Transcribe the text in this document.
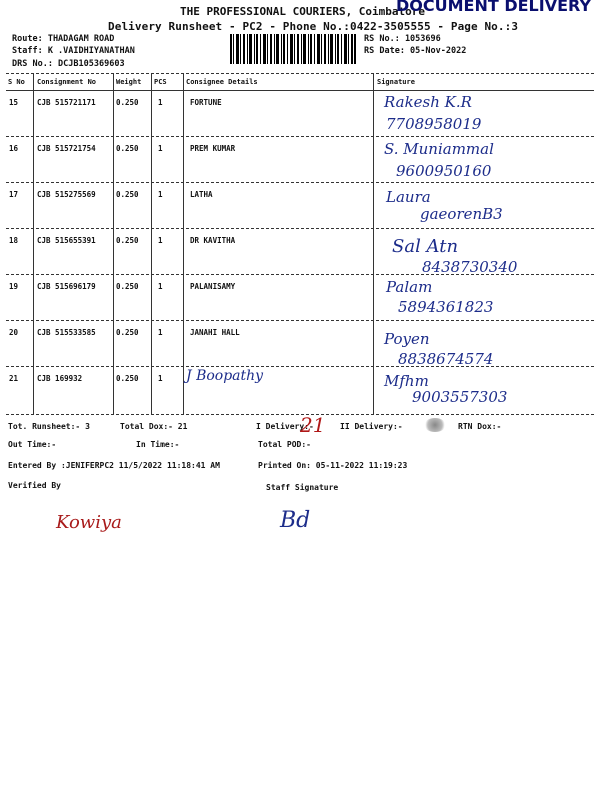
THE PROFESSIONAL COURIERS, Coimbatore
DOCUMENT DELIVERY
Delivery Runsheet - PC2 - Phone No.:0422-3505555 - Page No.:3
Route: THADAGAM ROAD
Staff: K .VAIDHIYANATHAN
DRS No.: DCJB105369603
RS No.: 1053696
RS Date: 05-Nov-2022
S No Consignment No	Weight PCS	Consignee Details	Signature
15	CJB 515721171	0.250	1	FORTUNE	Rakesh K.R
7708958019
16	CJB 515721754	0.250	1	PREM KUMAR	S. Muniammal
9600950160
17	CJB 515275569	0.250	1	LATHA	Laura
gaeorenB3
18	CJB 515655391	0.250	1	DR KAVITHA	Sal Atn
8438730340
19	CJB 515696179	0.250	1	PALANISAMY	Palam
5894361823
20	CJB 515533585	0.250	1	JANAHI HALL	Poyen
8838674574
21	CJB 169932	0.250	1 J Boopathy	Mfhm
9003557303
Tot. Runsheet:- 3	Total Dox:- 21	I Delivery:-
21 II Delivery:-	RTN Dox:-
Out Time:-	In Time:-	Total POD:-
Entered By :JENIFERPC2 11/5/2022 11:18:41 AM	Printed On: 05-11-2022 11:19:23
Verified By	Staff Signature
Kowiya	Bd
